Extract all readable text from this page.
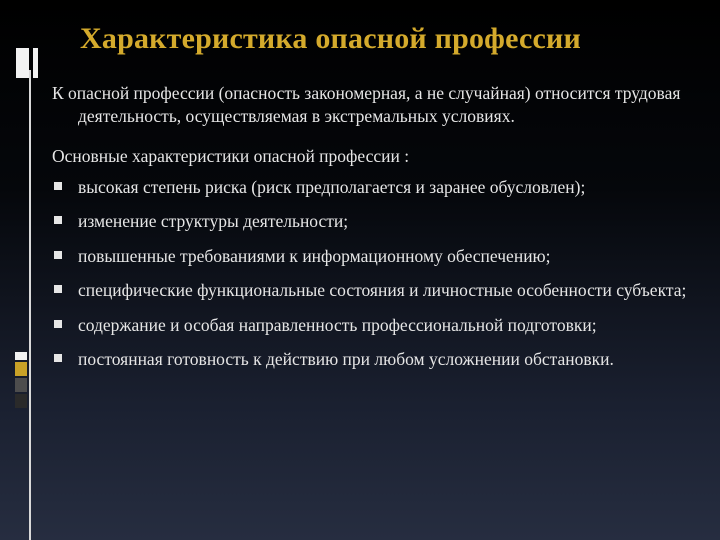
Характеристика опасной профессии

К опасной профессии (опасность закономерная, а не случайная) относится трудовая деятельность, осуществляемая в экстремальных условиях.

Основные характеристики опасной профессии :

высокая степень риска (риск предполагается и заранее обусловлен);
изменение структуры деятельности;
повышенные требованиями к информационному обеспечению;
специфические функциональные состояния и личностные особенности субъекта;
содержание и особая направленность профессиональной подготовки;
постоянная готовность к действию при любом усложнении обстановки.
